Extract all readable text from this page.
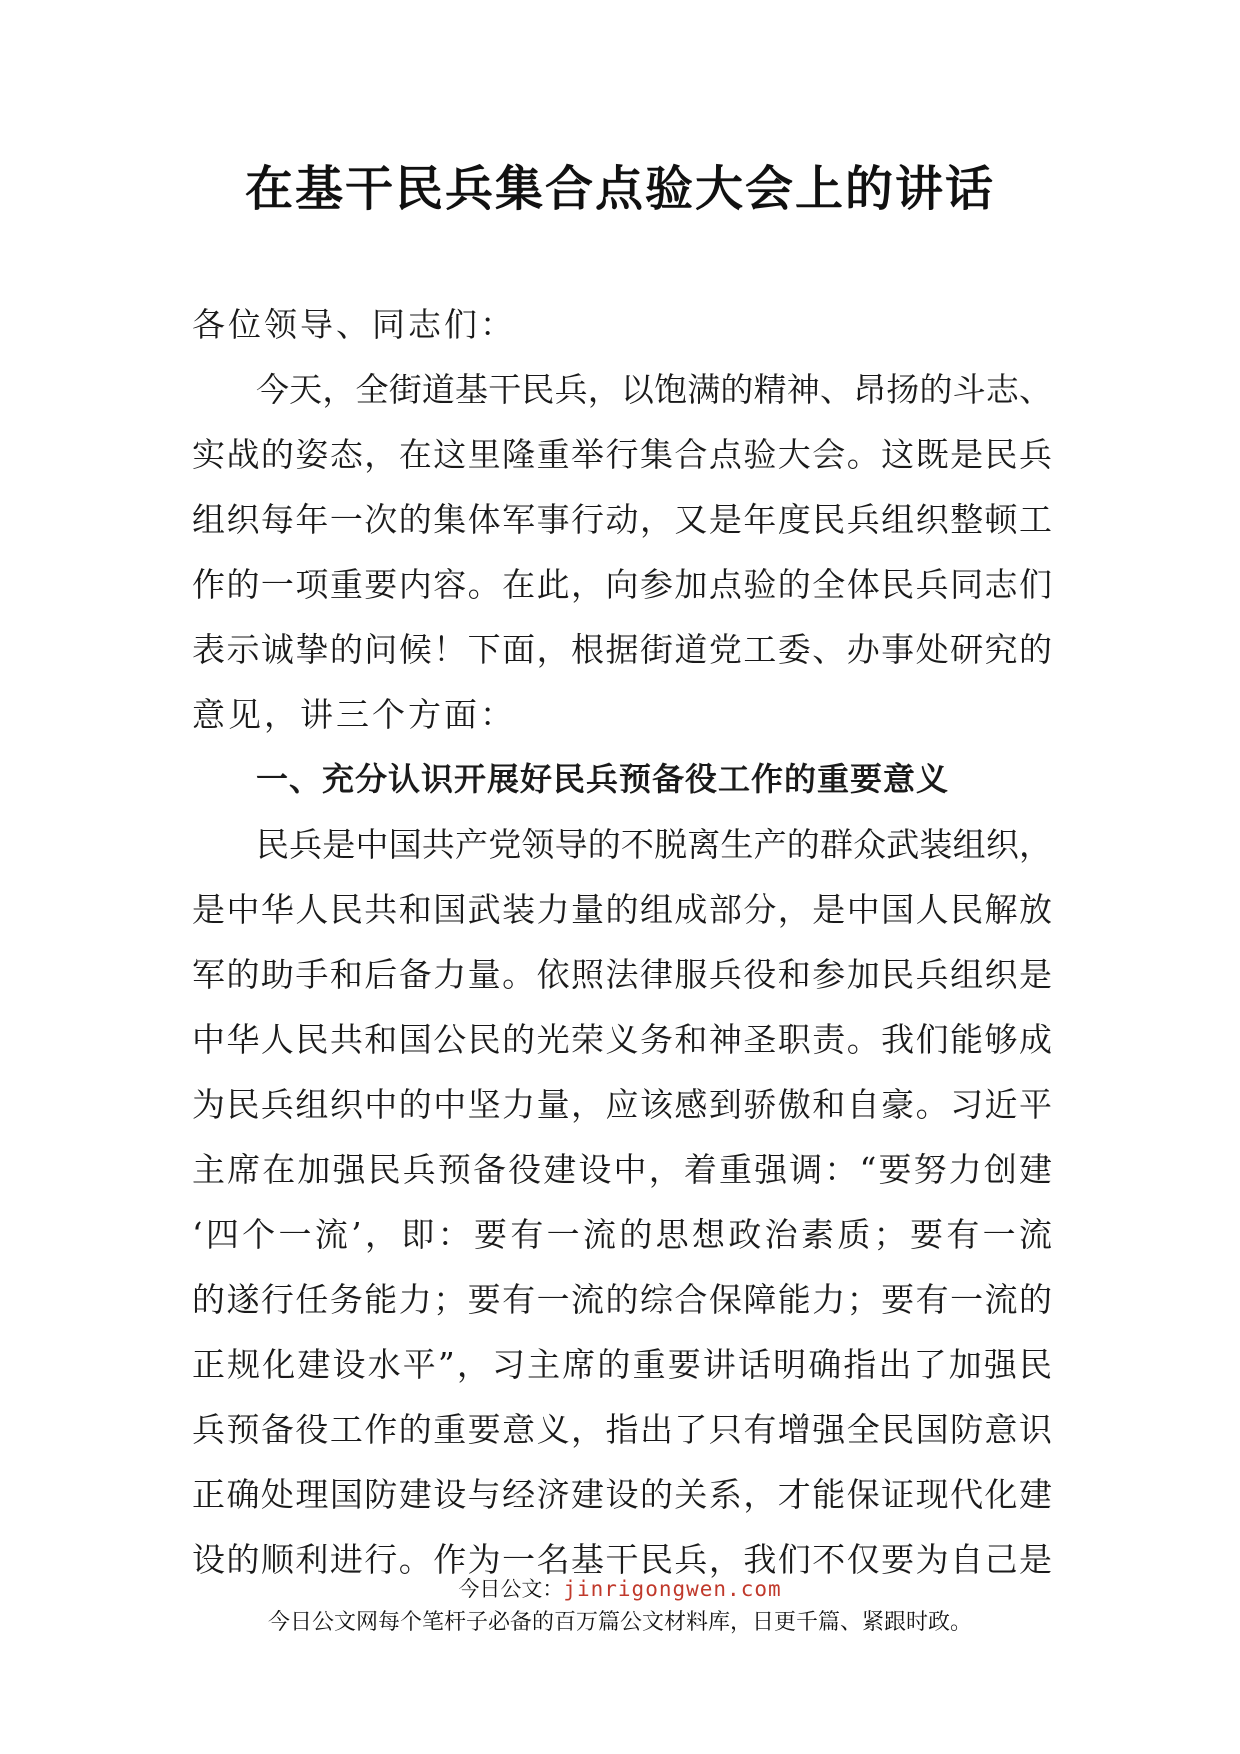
在基干民兵集合点验大会上的讲话
各位领导、同志们：
今天，全街道基干民兵，以饱满的精神、昂扬的斗志、
实战的姿态，在这里隆重举行集合点验大会。这既是民兵
组织每年一次的集体军事行动，又是年度民兵组织整顿工
作的一项重要内容。在此，向参加点验的全体民兵同志们
表示诚挚的问候！下面，根据街道党工委、办事处研究的
意见，讲三个方面：
一、充分认识开展好民兵预备役工作的重要意义
民兵是中国共产党领导的不脱离生产的群众武装组织，
是中华人民共和国武装力量的组成部分，是中国人民解放
军的助手和后备力量。依照法律服兵役和参加民兵组织是
中华人民共和国公民的光荣义务和神圣职责。我们能够成
为民兵组织中的中坚力量，应该感到骄傲和自豪。习近平
主席在加强民兵预备役建设中，着重强调：“要努力创建
‘四个一流’，即：要有一流的思想政治素质；要有一流
的遂行任务能力；要有一流的综合保障能力；要有一流的
正规化建设水平”，习主席的重要讲话明确指出了加强民
兵预备役工作的重要意义，指出了只有增强全民国防意识
正确处理国防建设与经济建设的关系，才能保证现代化建
设的顺利进行。作为一名基干民兵，我们不仅要为自己是
今日公文：jinrigongwen.com
今日公文网每个笔杆子必备的百万篇公文材料库，日更千篇、紧跟时政。
